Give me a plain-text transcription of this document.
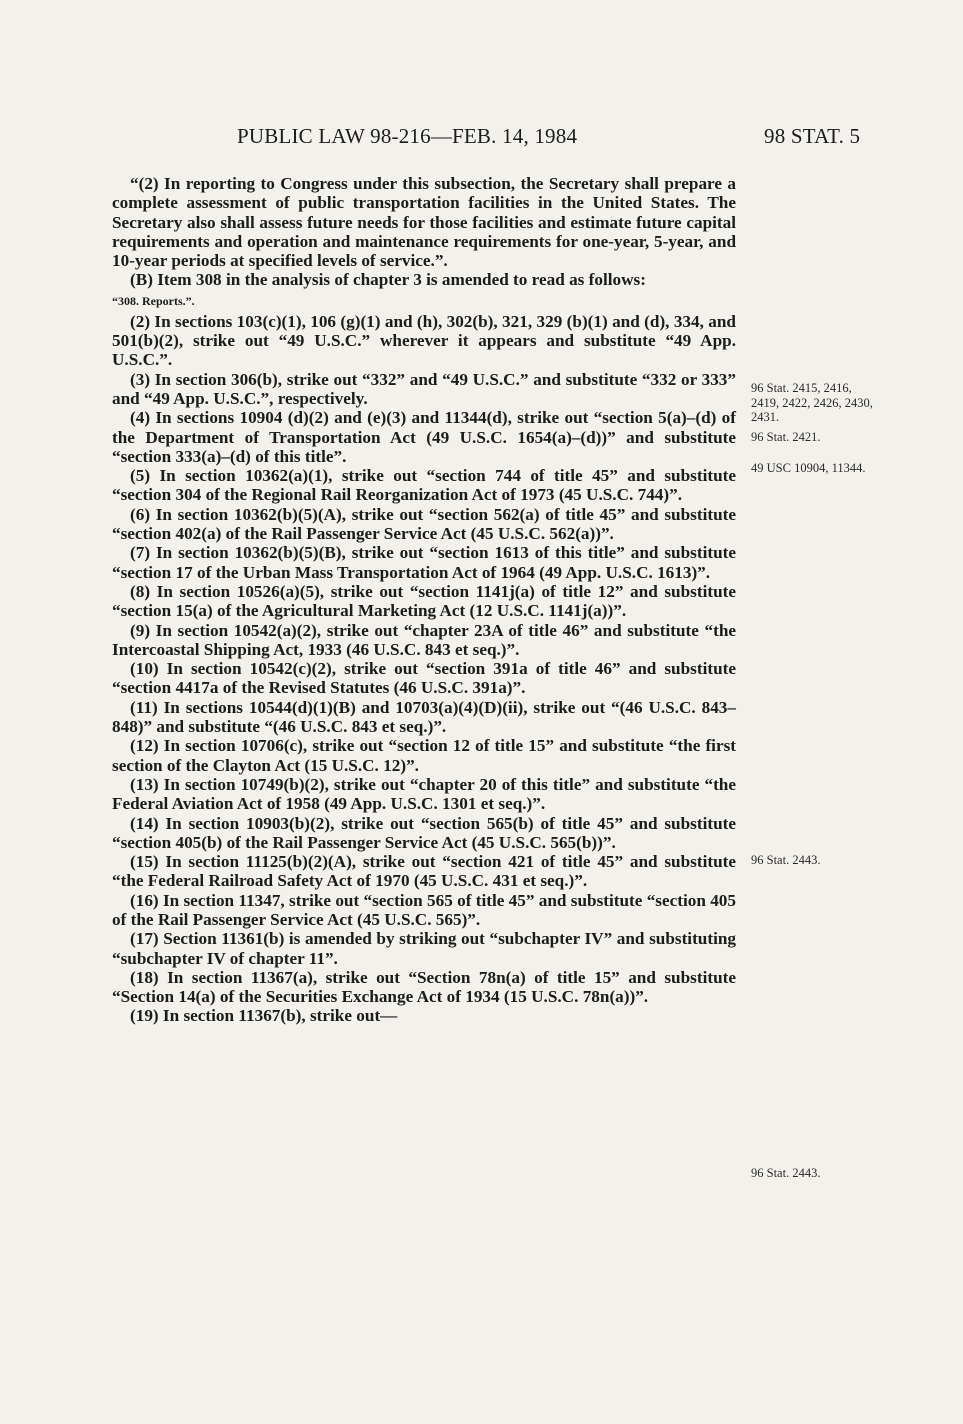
PUBLIC LAW 98-216—FEB. 14, 1984	98 STAT. 5

“(2) In reporting to Congress under this subsection, the Secretary shall prepare a complete assessment of public transportation facilities in the United States. The Secretary also shall assess future needs for those facilities and estimate future capital requirements and operation and maintenance requirements for one-year, 5-year, and 10-year periods at specified levels of service.”.

(B) Item 308 in the analysis of chapter 3 is amended to read as follows:

“308. Reports.”.

(2) In sections 103(c)(1), 106 (g)(1) and (h), 302(b), 321, 329 (b)(1) and (d), 334, and 501(b)(2), strike out “49 U.S.C.” wherever it appears and substitute “49 App. U.S.C.”.

(3) In section 306(b), strike out “332” and “49 U.S.C.” and substitute “332 or 333” and “49 App. U.S.C.”, respectively.

(4) In sections 10904 (d)(2) and (e)(3) and 11344(d), strike out “section 5(a)–(d) of the Department of Transportation Act (49 U.S.C. 1654(a)–(d))” and substitute “section 333(a)–(d) of this title”.

(5) In section 10362(a)(1), strike out “section 744 of title 45” and substitute “section 304 of the Regional Rail Reorganization Act of 1973 (45 U.S.C. 744)”.

(6) In section 10362(b)(5)(A), strike out “section 562(a) of title 45” and substitute “section 402(a) of the Rail Passenger Service Act (45 U.S.C. 562(a))”.

(7) In section 10362(b)(5)(B), strike out “section 1613 of this title” and substitute “section 17 of the Urban Mass Transportation Act of 1964 (49 App. U.S.C. 1613)”.

(8) In section 10526(a)(5), strike out “section 1141j(a) of title 12” and substitute “section 15(a) of the Agricultural Marketing Act (12 U.S.C. 1141j(a))”.

(9) In section 10542(a)(2), strike out “chapter 23A of title 46” and substitute “the Intercoastal Shipping Act, 1933 (46 U.S.C. 843 et seq.)”.

(10) In section 10542(c)(2), strike out “section 391a of title 46” and substitute “section 4417a of the Revised Statutes (46 U.S.C. 391a)”.

(11) In sections 10544(d)(1)(B) and 10703(a)(4)(D)(ii), strike out “(46 U.S.C. 843–848)” and substitute “(46 U.S.C. 843 et seq.)”.

(12) In section 10706(c), strike out “section 12 of title 15” and substitute “the first section of the Clayton Act (15 U.S.C. 12)”.

(13) In section 10749(b)(2), strike out “chapter 20 of this title” and substitute “the Federal Aviation Act of 1958 (49 App. U.S.C. 1301 et seq.)”.

(14) In section 10903(b)(2), strike out “section 565(b) of title 45” and substitute “section 405(b) of the Rail Passenger Service Act (45 U.S.C. 565(b))”.

(15) In section 11125(b)(2)(A), strike out “section 421 of title 45” and substitute “the Federal Railroad Safety Act of 1970 (45 U.S.C. 431 et seq.)”.

(16) In section 11347, strike out “section 565 of title 45” and substitute “section 405 of the Rail Passenger Service Act (45 U.S.C. 565)”.

(17) Section 11361(b) is amended by striking out “subchapter IV” and substituting “subchapter IV of chapter 11”.

(18) In section 11367(a), strike out “Section 78n(a) of title 15” and substitute “Section 14(a) of the Securities Exchange Act of 1934 (15 U.S.C. 78n(a))”.

(19) In section 11367(b), strike out—

96 Stat. 2415, 2416, 2419, 2422, 2426, 2430, 2431.
96 Stat. 2421.
49 USC 10904, 11344.
96 Stat. 2443.
96 Stat. 2443.
